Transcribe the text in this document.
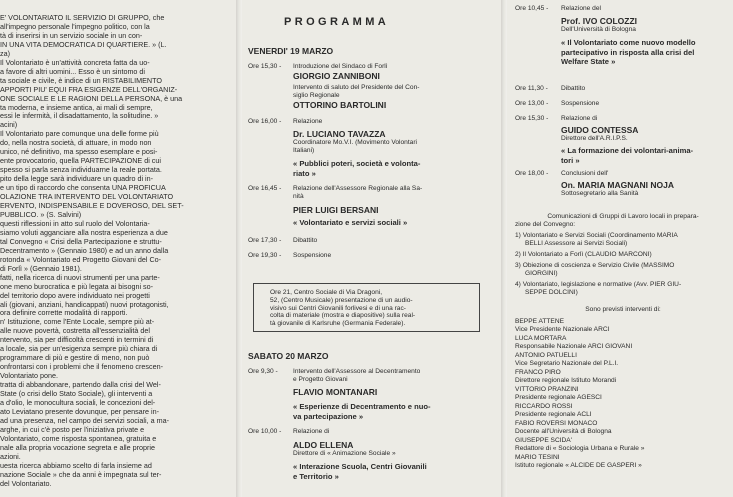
E' VOLONTARIATO IL SERVIZIO DI GRUPPO, che
all'impegno personale l'impegno politico, con la
tà di inserirsi in un servizio sociale in un con-
IN UNA VITA DEMOCRATICA DI QUARTIERE. » (L.
za)
Il Volontariato è un'attività concreta fatta da uo-
a favore di altri uomini... Esso è un sintomo di
ta sociale e civile, è indice di un RISTABILIMENTO
APPORTI PIU' EQUI FRA ESIGENZE DELL'ORGANIZ-
ONE SOCIALE E LE RAGIONI DELLA PERSONA, è una
ta moderna, e insieme antica, ai mali di sempre,
essi le infermità, il disadattamento, la solitudine. »
acini)
Il Volontariato pare comunque una delle forme più
do, nella nostra società, di attuare, in modo non
unico, né definitivo, ma spesso esemplare e posi-
ente provocatorio, quella PARTECIPAZIONE di cui
spesso si parla senza individuarne la reale portata.
pito della legge sarà individuare un quadro di in-
e un tipo di raccordo che consenta UNA PROFICUA
OLAZIONE TRA INTERVENTO DEL VOLONTARIATO
ERVENTO, INDISPENSABILE E DOVEROSO, DEL SET-
PUBBLICO. » (S. Salvini)
questi riflessioni in atto sul ruolo del Volontaria-
siamo voluti agganciare alla nostra esperienza a due
tal Convegno « Crisi della Partecipazione e struttu-
Decentramento » (Gennaio 1980) e ad un anno dalla
rotonda « Volontariato ed Progetto Giovani del Co-
di Forlì » (Gennaio 1981).
fatti, nella ricerca di nuovi strumenti per una parte-
one meno burocratica e più legata ai bisogni so-
del territorio dopo avere individuato nei progetti
ali (giovani, anziani, handicappati) nuovi protagonisti,
ora definire corrette modalità di rapporti.
n' Istituzione, come l'Ente Locale, sempre più at-
alle nuove povertà, costretta all'essenzialità del
ntervento, sia per difficoltà crescenti in termini di
a locale, sia per un'esigenza sempre più chiara di
programmare di più e gestire di meno, non può
onfrontarsi con i problemi che il fenomeno crescen-
Volontariato pone.
tratta di abbandonare, partendo dalla crisi del Wel-
State (o crisi dello Stato Sociale), gli interventi a
a d'olio, le monocultura sociali, le concezioni del-
ato Leviatano presente dovunque, per pensare in-
ad una presenza, nel campo dei servizi sociali, a ma-
arghe, in cui c'è posto per l'iniziativa private e
Volontariato, come risposta spontanea, gratuita e
nale alla propria vocazione segreta e alle proprie
azioni.
uesta ricerca abbiamo scelto di farla insieme ad
nazione Sociale » che da anni è impegnata sul ter-
del Volontariato.
PROGRAMMA
VENERDI' 19 MARZO
Ore 15,30 - Introduzione del Sindaco di Forlì
GIORGIO ZANNIBONI
Intervento di saluto del Presidente del Con-
siglio Regionale
OTTORINO BARTOLINI
Ore 16,00 - Relazione
Dr. LUCIANO TAVAZZA
Coordinatore Mo.V.I. (Movimento Volontari
Italiani)
« Pubblici poteri, società e volonta-
riato »
Ore 16,45 - Relazione dell'Assessore Regionale alla Sa-
nità
PIER LUIGI BERSANI
« Volontariato e servizi sociali »
Ore 17,30 - Dibattito
Ore 19,30 - Sospensione
Ore 21, Centro Sociale di Via Dragoni,
52, (Centro Musicale) presentazione di un audio-
visivo sui Centri Giovanili forlivesi e di una rac-
colta di materiale (mostra e diapositive) sulla real-
tà giovanile di Karlsruhe (Germania Federale).
SABATO 20 MARZO
Ore 9,30 - Intervento dell'Assessore al Decentramento
e Progetto Giovani
FLAVIO MONTANARI
« Esperienze di Decentramento e nuo-
va partecipazione »
Ore 10,00 - Relazione di
ALDO ELLENA
Direttore di « Animazione Sociale »
« Interazione Scuola, Centri Giovanili
e Territorio »
Ore 10,45 - Relazione del
Prof. IVO COLOZZI
Dell'Università di Bologna
« Il Volontariato come nuovo modello
partecipativo in risposta alla crisi del
Welfare State »
Ore 11,30 - Dibattito
Ore 13,00 - Sospensione
Ore 15,30 - Relazione di
GUIDO CONTESSA
Direttore dell'A.R.I.P.S.
« La formazione dei volontari-anima-
tori »
Ore 18,00 - Conclusioni dell'
On. MARIA MAGNANI NOJA
Sottosegretario alla Sanità
Comunicazioni di Gruppi di Lavoro locali in prepara-
zione del Convegno:
1) Volontariato e Servizi Sociali (Coordinamento MARIA
BELLI Assessore ai Servizi Sociali)
2) Il Volontariato a Forlì (CLAUDIO MARCONI)
3) Obiezione di coscienza e Servizio Civile (MASSIMO
GIORGINI)
4) Volontariato, legislazione e normative (Avv. PIER GIU-
SEPPE DOLCINI)
Sono previsti interventi di:
BEPPE ATTENE
Vice Presidente Nazionale ARCI
LUCA MORTARA
Responsabile Nazionale ARCI GIOVANI
ANTONIO PATUELLI
Vice Segretario Nazionale del P.L.I.
FRANCO PIRO
Direttore regionale Istituto Morandi
VITTORIO PRANZINI
Presidente regionale AGESCI
RICCARDO ROSSI
Presidente regionale ACLI
FABIO ROVERSI MONACO
Docente all'Università di Bologna
GIUSEPPE SCIDA'
Redattore di « Sociologia Urbana e Rurale »
MARIO TESINI
Istituto regionale « ALCIDE DE GASPERI »
